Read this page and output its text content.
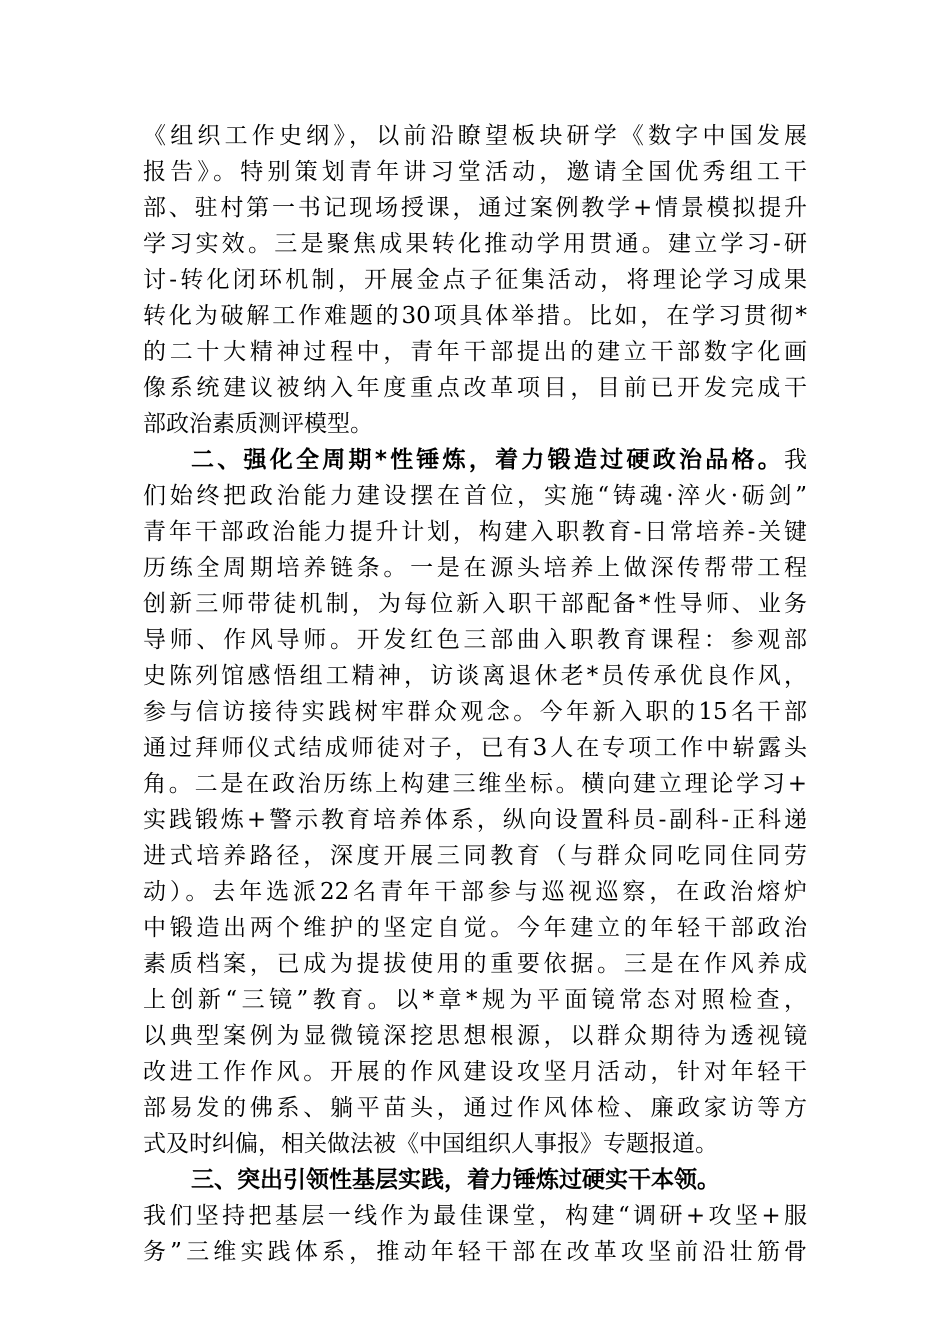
《组织工作史纲》，以前沿瞭望板块研学《数字中国发展
报告》。特别策划青年讲习堂活动，邀请全国优秀组工干
部、驻村第一书记现场授课，通过案例教学+情景模拟提升
学习实效。三是聚焦成果转化推动学用贯通。建立学习-研
讨-转化闭环机制，开展金点子征集活动，将理论学习成果
转化为破解工作难题的30项具体举措。比如，在学习贯彻*
的二十大精神过程中，青年干部提出的建立干部数字化画
像系统建议被纳入年度重点改革项目，目前已开发完成干
部政治素质测评模型。
二、强化全周期*性锤炼，着力锻造过硬政治品格。我
们始终把政治能力建设摆在首位，实施“铸魂·淬火·砺剑”
青年干部政治能力提升计划，构建入职教育-日常培养-关键
历练全周期培养链条。一是在源头培养上做深传帮带工程
创新三师带徒机制，为每位新入职干部配备*性导师、业务
导师、作风导师。开发红色三部曲入职教育课程：参观部
史陈列馆感悟组工精神，访谈离退休老*员传承优良作风，
参与信访接待实践树牢群众观念。今年新入职的15名干部
通过拜师仪式结成师徒对子，已有3人在专项工作中崭露头
角。二是在政治历练上构建三维坐标。横向建立理论学习+
实践锻炼+警示教育培养体系，纵向设置科员-副科-正科递
进式培养路径，深度开展三同教育（与群众同吃同住同劳
动）。去年选派22名青年干部参与巡视巡察，在政治熔炉
中锻造出两个维护的坚定自觉。今年建立的年轻干部政治
素质档案，已成为提拔使用的重要依据。三是在作风养成
上创新“三镜”教育。以*章*规为平面镜常态对照检查，
以典型案例为显微镜深挖思想根源，以群众期待为透视镜
改进工作作风。开展的作风建设攻坚月活动，针对年轻干
部易发的佛系、躺平苗头，通过作风体检、廉政家访等方
式及时纠偏，相关做法被《中国组织人事报》专题报道。
三、突出引领性基层实践，着力锤炼过硬实干本领。
我们坚持把基层一线作为最佳课堂，构建“调研+攻坚+服
务”三维实践体系，推动年轻干部在改革攻坚前沿壮筋骨
